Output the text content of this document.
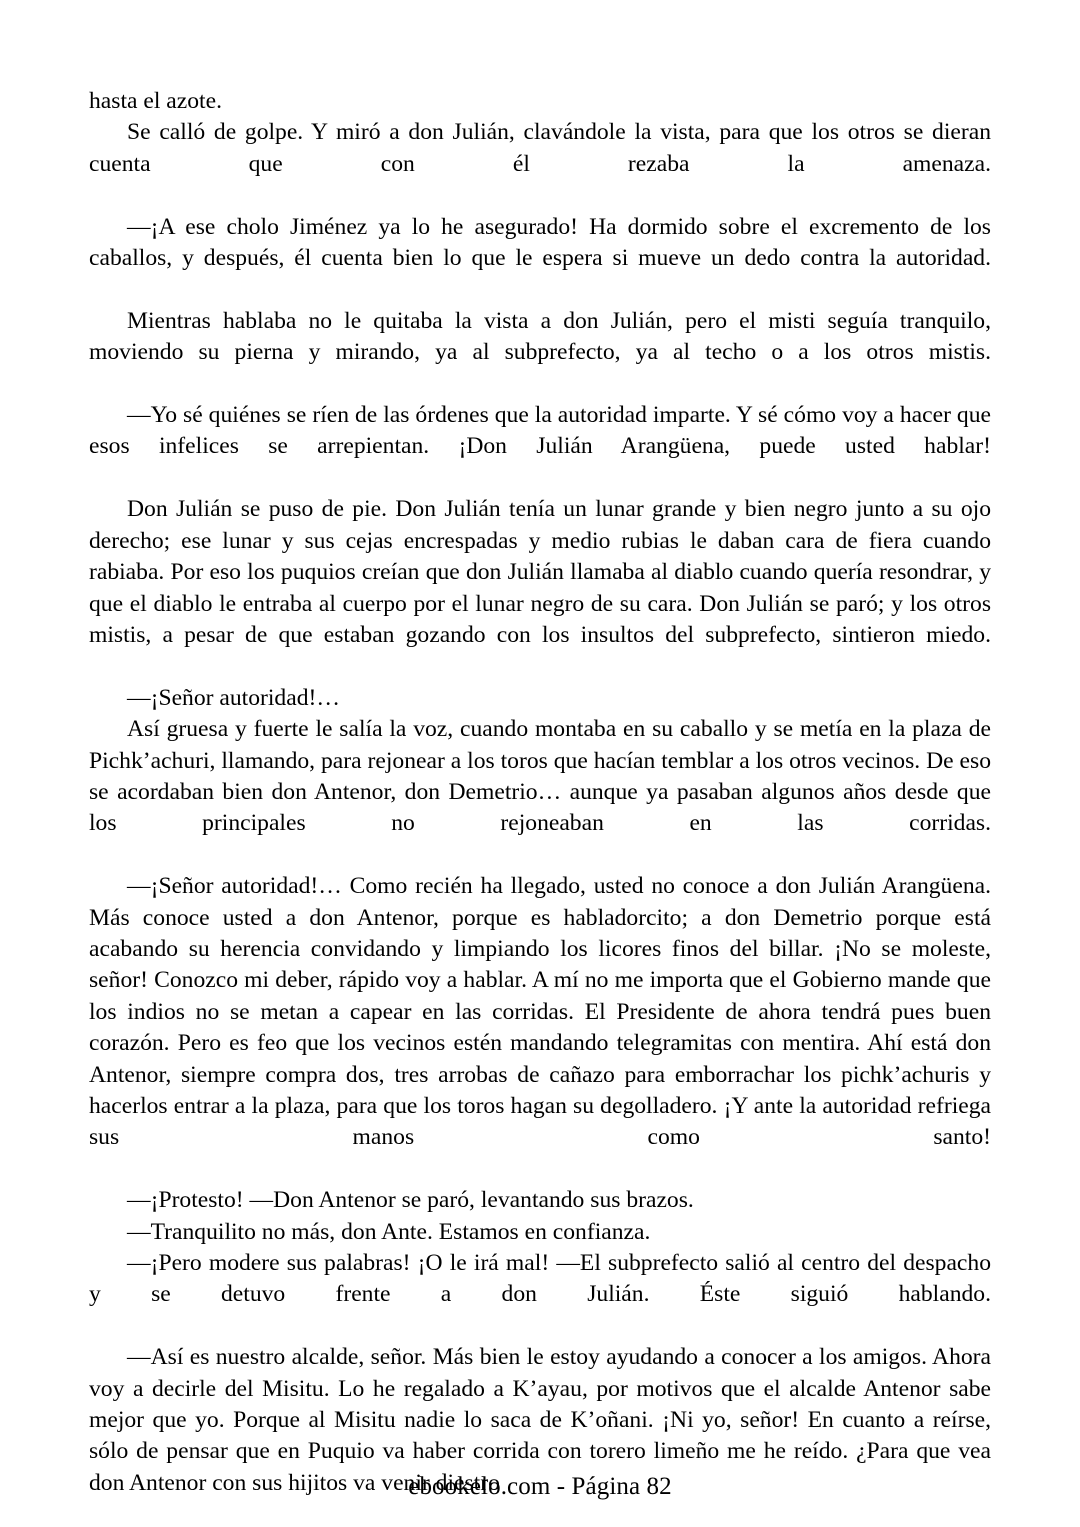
hasta el azote.

Se calló de golpe. Y miró a don Julián, clavándole la vista, para que los otros se dieran cuenta que con él rezaba la amenaza.

—¡A ese cholo Jiménez ya lo he asegurado! Ha dormido sobre el excremento de los caballos, y después, él cuenta bien lo que le espera si mueve un dedo contra la autoridad.

Mientras hablaba no le quitaba la vista a don Julián, pero el misti seguía tranquilo, moviendo su pierna y mirando, ya al subprefecto, ya al techo o a los otros mistis.

—Yo sé quiénes se ríen de las órdenes que la autoridad imparte. Y sé cómo voy a hacer que esos infelices se arrepientan. ¡Don Julián Arangüena, puede usted hablar!

Don Julián se puso de pie. Don Julián tenía un lunar grande y bien negro junto a su ojo derecho; ese lunar y sus cejas encrespadas y medio rubias le daban cara de fiera cuando rabiaba. Por eso los puquios creían que don Julián llamaba al diablo cuando quería resondrar, y que el diablo le entraba al cuerpo por el lunar negro de su cara. Don Julián se paró; y los otros mistis, a pesar de que estaban gozando con los insultos del subprefecto, sintieron miedo.

—¡Señor autoridad!…

Así gruesa y fuerte le salía la voz, cuando montaba en su caballo y se metía en la plaza de Pichk’achuri, llamando, para rejonear a los toros que hacían temblar a los otros vecinos. De eso se acordaban bien don Antenor, don Demetrio… aunque ya pasaban algunos años desde que los principales no rejoneaban en las corridas.

—¡Señor autoridad!… Como recién ha llegado, usted no conoce a don Julián Arangüena. Más conoce usted a don Antenor, porque es habladorcito; a don Demetrio porque está acabando su herencia convidando y limpiando los licores finos del billar. ¡No se moleste, señor! Conozco mi deber, rápido voy a hablar. A mí no me importa que el Gobierno mande que los indios no se metan a capear en las corridas. El Presidente de ahora tendrá pues buen corazón. Pero es feo que los vecinos estén mandando telegramitas con mentira. Ahí está don Antenor, siempre compra dos, tres arrobas de cañazo para emborrachar los pichk’achuris y hacerlos entrar a la plaza, para que los toros hagan su degolladero. ¡Y ante la autoridad refriega sus manos como santo!

—¡Protesto! —Don Antenor se paró, levantando sus brazos.

—Tranquilito no más, don Ante. Estamos en confianza.

—¡Pero modere sus palabras! ¡O le irá mal! —El subprefecto salió al centro del despacho y se detuvo frente a don Julián. Éste siguió hablando.

—Así es nuestro alcalde, señor. Más bien le estoy ayudando a conocer a los amigos. Ahora voy a decirle del Misitu. Lo he regalado a K’ayau, por motivos que el alcalde Antenor sabe mejor que yo. Porque al Misitu nadie lo saca de K’oñani. ¡Ni yo, señor! En cuanto a reírse, sólo de pensar que en Puquio va haber corrida con torero limeño me he reído. ¿Para que vea don Antenor con sus hijitos va venir diestro

ebookelo.com - Página 82
